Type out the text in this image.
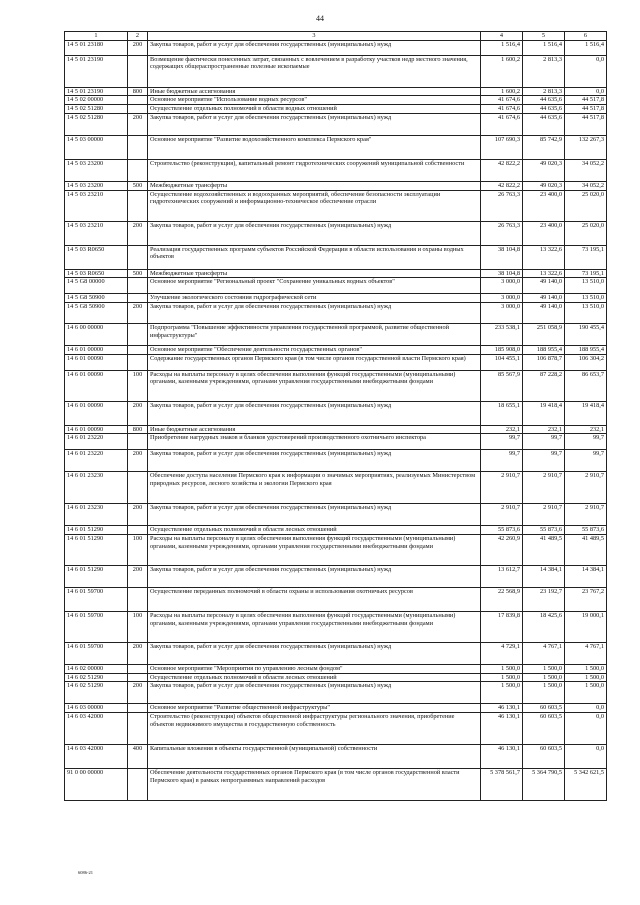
44
1	2	3	4	5	6
14 5 01 23180	200	Закупка товаров, работ и услуг для обеспечения государственных (муниципальных) нужд	1 516,4	1 516,4	1 516,4
14 5 01 23190		Возмещение фактически понесенных затрат, связанных с вовлечением в разработку участков недр местного значения, содержащих общераспространенные полезные ископаемые	1 600,2	2 813,3	0,0
14 5 01 23190	800	Иные бюджетные ассигнования	1 600,2	2 813,3	0,0
14 5 02 00000		Основное мероприятие "Использование водных ресурсов"	41 674,6	44 635,6	44 517,8
14 5 02 51280		Осуществление отдельных полномочий в области водных отношений	41 674,6	44 635,6	44 517,8
14 5 02 51280	200	Закупка товаров, работ и услуг для обеспечения государственных (муниципальных) нужд	41 674,6	44 635,6	44 517,8
14 5 03 00000		Основное мероприятие "Развитие водохозяйственного комплекса Пермского края"	107 690,3	85 742,9	132 267,3
14 5 03 23200		Строительство (реконструкция), капитальный ремонт гидротехнических сооружений муниципальной собственности	42 822,2	49 020,3	34 052,2
14 5 03 23200	500	Межбюджетные трансферты	42 822,2	49 020,3	34 052,2
14 5 03 23210		Осуществление водохозяйственных и водоохранных мероприятий, обеспечение безопасности эксплуатации гидротехнических сооружений и информационно-техническое обеспечение отрасли	26 763,3	23 400,0	25 020,0
14 5 03 23210	200	Закупка товаров, работ и услуг для обеспечения государственных (муниципальных) нужд	26 763,3	23 400,0	25 020,0
14 5 03 R0650		Реализация государственных программ субъектов Российской Федерации в области использования и охраны водных объектов	38 104,8	13 322,6	73 195,1
14 5 03 R0650	500	Межбюджетные трансферты	38 104,8	13 322,6	73 195,1
14 5 G8 00000		Основное мероприятие "Региональный проект "Сохранение уникальных водных объектов"	3 000,0	49 140,0	13 510,0
14 5 G8 50900		Улучшение экологического состояния гидрографической сети	3 000,0	49 140,0	13 510,0
14 5 G8 50900	200	Закупка товаров, работ и услуг для обеспечения государственных (муниципальных) нужд	3 000,0	49 140,0	13 510,0
14 6 00 00000		Подпрограмма "Повышение эффективности управления государственной программой, развитие общественной инфраструктуры"	233 538,1	251 058,9	190 455,4
14 6 01 00000		Основное мероприятие "Обеспечение деятельности государственных органов"	185 908,0	188 955,4	188 955,4
14 6 01 00090		Содержание государственных органов Пермского края (в том числе органов государственной власти Пермского края)	104 455,1	106 878,7	106 304,2
14 6 01 00090	100	Расходы на выплаты персоналу в целях обеспечения выполнения функций государственными (муниципальными) органами, казенными учреждениями, органами управления государственными внебюджетными фондами	85 567,9	87 228,2	86 653,7
14 6 01 00090	200	Закупка товаров, работ и услуг для обеспечения государственных (муниципальных) нужд	18 655,1	19 418,4	19 418,4
14 6 01 00090	800	Иные бюджетные ассигнования	232,1	232,1	232,1
14 6 01 23220		Приобретение нагрудных знаков и бланков удостоверений производственного охотничьего инспектора	99,7	99,7	99,7
14 6 01 23220	200	Закупка товаров, работ и услуг для обеспечения государственных (муниципальных) нужд	99,7	99,7	99,7
14 6 01 23230		Обеспечение доступа населения Пермского края к информации о значимых мероприятиях, реализуемых Министерством природных ресурсов, лесного хозяйства и экологии Пермского края	2 910,7	2 910,7	2 910,7
14 6 01 23230	200	Закупка товаров, работ и услуг для обеспечения государственных (муниципальных) нужд	2 910,7	2 910,7	2 910,7
14 6 01 51290		Осуществление отдельных полномочий в области лесных отношений	55 873,6	55 873,6	55 873,6
14 6 01 51290	100	Расходы на выплаты персоналу в целях обеспечения выполнения функций государственными (муниципальными) органами, казенными учреждениями, органами управления государственными внебюджетными фондами	42 260,9	41 489,5	41 489,5
14 6 01 51290	200	Закупка товаров, работ и услуг для обеспечения государственных (муниципальных) нужд	13 612,7	14 384,1	14 384,1
14 6 01 59700		Осуществление переданных полномочий в области охраны и использования охотничьих ресурсов	22 568,9	23 192,7	23 767,2
14 6 01 59700	100	Расходы на выплаты персоналу в целях обеспечения выполнения функций государственными (муниципальными) органами, казенными учреждениями, органами управления государственными внебюджетными фондами	17 839,8	18 425,6	19 000,1
14 6 01 59700	200	Закупка товаров, работ и услуг для обеспечения государственных (муниципальных) нужд	4 729,1	4 767,1	4 767,1
14 6 02 00000		Основное мероприятие "Мероприятия по управлению лесным фондом"	1 500,0	1 500,0	1 500,0
14 6 02 51290		Осуществление отдельных полномочий в области лесных отношений	1 500,0	1 500,0	1 500,0
14 6 02 51290	200	Закупка товаров, работ и услуг для обеспечения государственных (муниципальных) нужд	1 500,0	1 500,0	1 500,0
14 6 03 00000		Основное мероприятие "Развитие общественной инфраструктуры"	46 130,1	60 603,5	0,0
14 6 03 42000		Строительство (реконструкция) объектов общественной инфраструктуры регионального значения, приобретение объектов недвижимого имущества в государственную собственность	46 130,1	60 603,5	0,0
14 6 03 42000	400	Капитальные вложения в объекты государственной (муниципальной) собственности	46 130,1	60 603,5	0,0
91 0 00 00000		Обеспечение деятельности государственных органов Пермского края (в том числе органов государственной власти Пермского края) в рамках непрограммных направлений расходов	5 378 561,7	5 364 790,5	5 342 621,5
6086-21
